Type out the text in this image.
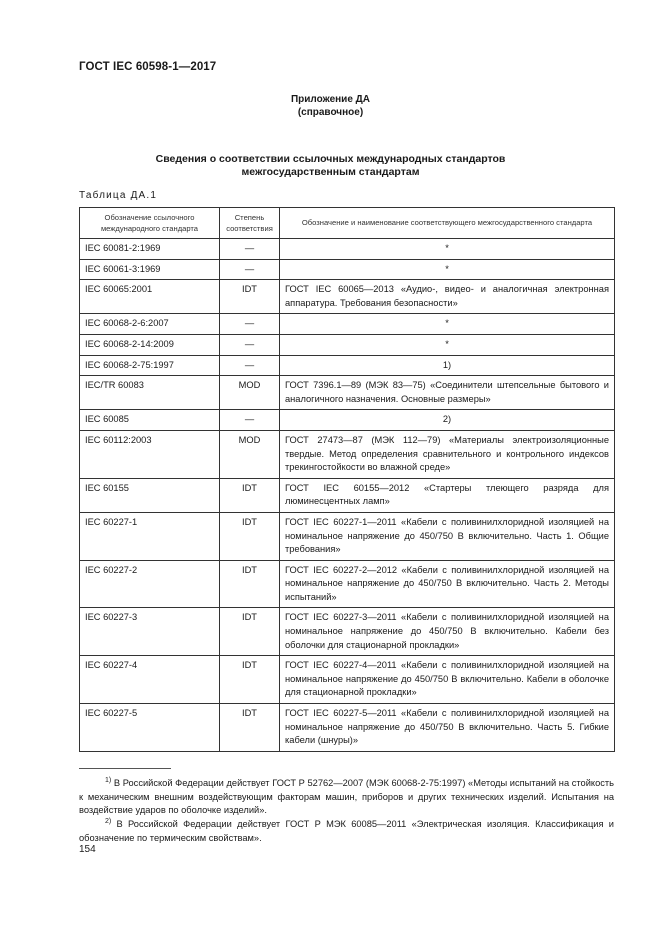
ГОСТ IEC 60598-1—2017
Приложение ДА
(справочное)
Сведения о соответствии ссылочных международных стандартов
межгосударственным стандартам
Таблица ДА.1
Обозначение ссылочного международного стандарта	Степень соответствия	Обозначение и наименование соответствующего межгосударственного стандарта
IEC 60081-2:1969	—	*
IEC 60061-3:1969	—	*
IEC 60065:2001	IDT	ГОСТ IEC 60065—2013 «Аудио-, видео- и аналогичная электронная аппаратура. Требования безопасности»
IEC 60068-2-6:2007	—	*
IEC 60068-2-14:2009	—	*
IEC 60068-2-75:1997	—	1)
IEC/TR 60083	MOD	ГОСТ 7396.1—89 (МЭК 83—75) «Соединители штепсельные бытового и аналогичного назначения. Основные размеры»
IEC 60085	—	2)
IEC 60112:2003	MOD	ГОСТ 27473—87 (МЭК 112—79) «Материалы электроизоляционные твердые. Метод определения сравнительного и контрольного индексов трекингостойкости во влажной среде»
IEC 60155	IDT	ГОСТ IEC 60155—2012 «Стартеры тлеющего разряда для люминесцентных ламп»
IEC 60227-1	IDT	ГОСТ IEC 60227-1—2011 «Кабели с поливинилхлоридной изоляцией на номинальное напряжение до 450/750 В включительно. Часть 1. Общие требования»
IEC 60227-2	IDT	ГОСТ IEC 60227-2—2012 «Кабели с поливинилхлоридной изоляцией на номинальное напряжение до 450/750 В включительно. Часть 2. Методы испытаний»
IEC 60227-3	IDT	ГОСТ IEC 60227-3—2011 «Кабели с поливинилхлоридной изоляцией на номинальное напряжение до 450/750 В включительно. Кабели без оболочки для стационарной прокладки»
IEC 60227-4	IDT	ГОСТ IEC 60227-4—2011 «Кабели с поливинилхлоридной изоляцией на номинальное напряжение до 450/750 В включительно. Кабели в оболочке для стационарной прокладки»
IEC 60227-5	IDT	ГОСТ IEC 60227-5—2011 «Кабели с поливинилхлоридной изоляцией на номинальное напряжение до 450/750 В включительно. Часть 5. Гибкие кабели (шнуры)»
$^{1)}$ В Российской Федерации действует ГОСТ Р 52762—2007 (МЭК 60068-2-75:1997) «Методы испытаний на стойкость к механическим внешним воздействующим факторам машин, приборов и других технических изделий. Испытания на воздействие ударов по оболочке изделий».
$^{2)}$ В Российской Федерации действует ГОСТ Р МЭК 60085—2011 «Электрическая изоляция. Классификация и обозначение по термическим свойствам».
154
